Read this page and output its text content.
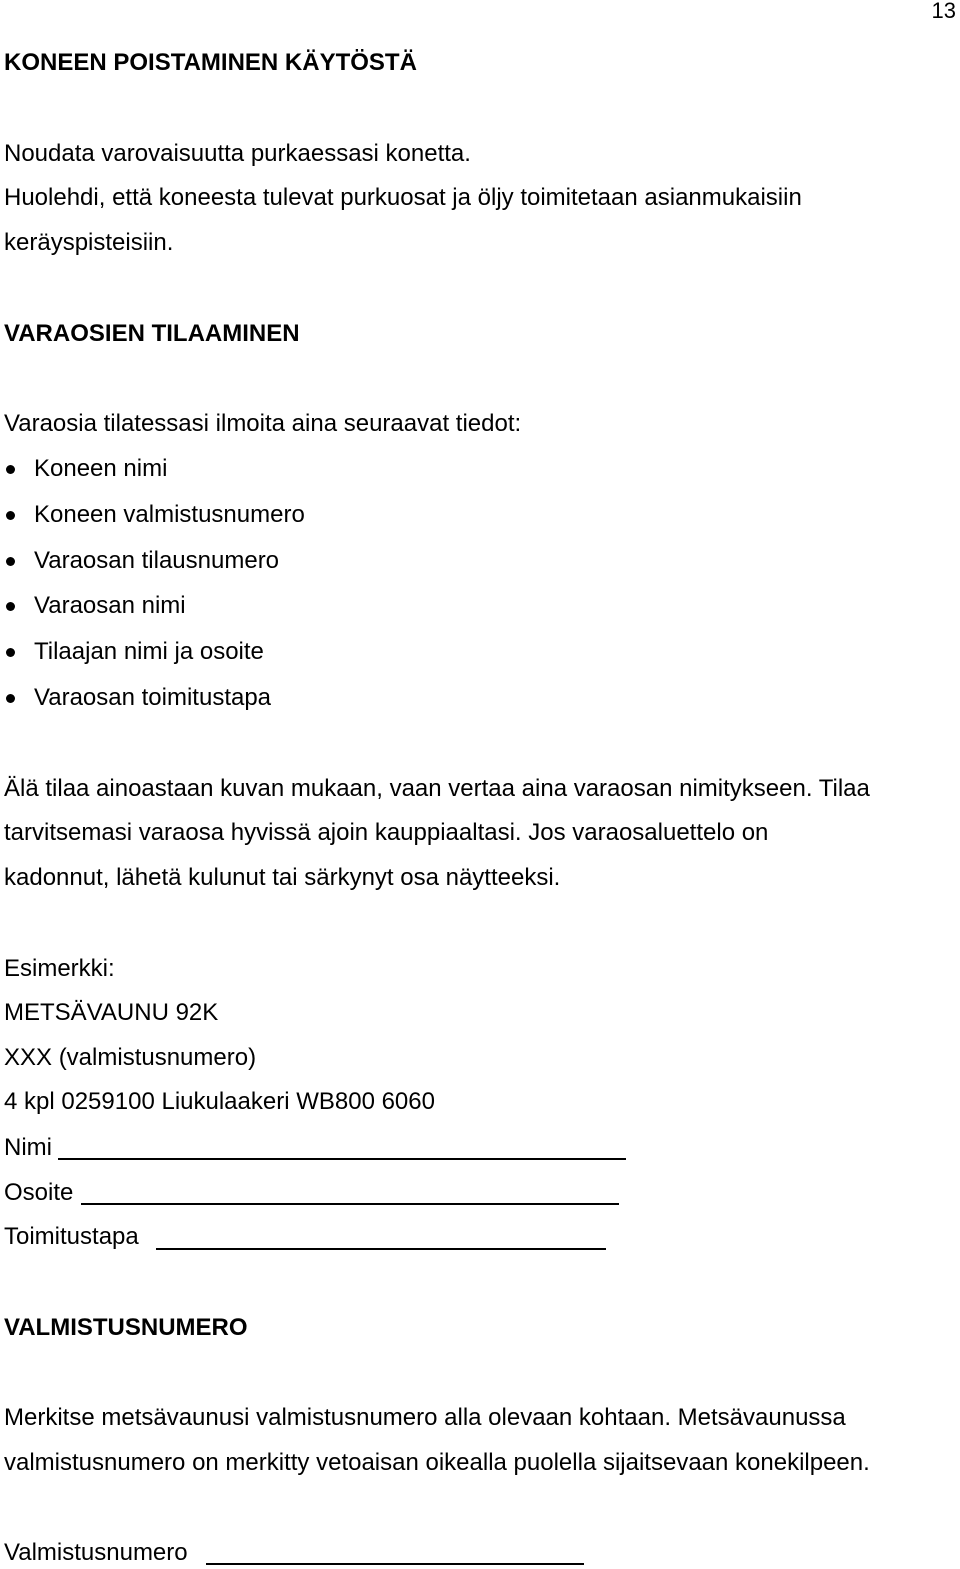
13
KONEEN POISTAMINEN KÄYTÖSTÄ
Noudata varovaisuutta purkaessasi konetta.
Huolehdi, että koneesta tulevat purkuosat ja öljy toimitetaan asianmukaisiin
keräyspisteisiin.
VARAOSIEN TILAAMINEN
Varaosia tilatessasi ilmoita aina seuraavat tiedot:
Koneen nimi
Koneen valmistusnumero
Varaosan tilausnumero
Varaosan nimi
Tilaajan nimi ja osoite
Varaosan toimitustapa
Älä tilaa ainoastaan kuvan mukaan, vaan vertaa aina varaosan nimitykseen. Tilaa
tarvitsemasi varaosa hyvissä ajoin kauppiaaltasi. Jos varaosaluettelo on
kadonnut, lähetä kulunut tai särkynyt osa näytteeksi.
Esimerkki:
METSÄVAUNU 92K
XXX (valmistusnumero)
4 kpl 0259100 Liukulaakeri WB800 6060
Nimi
Osoite
Toimitustapa
VALMISTUSNUMERO
Merkitse metsävaunusi valmistusnumero alla olevaan kohtaan. Metsävaunussa
valmistusnumero on merkitty vetoaisan oikealla puolella sijaitsevaan konekilpeen.
Valmistusnumero
